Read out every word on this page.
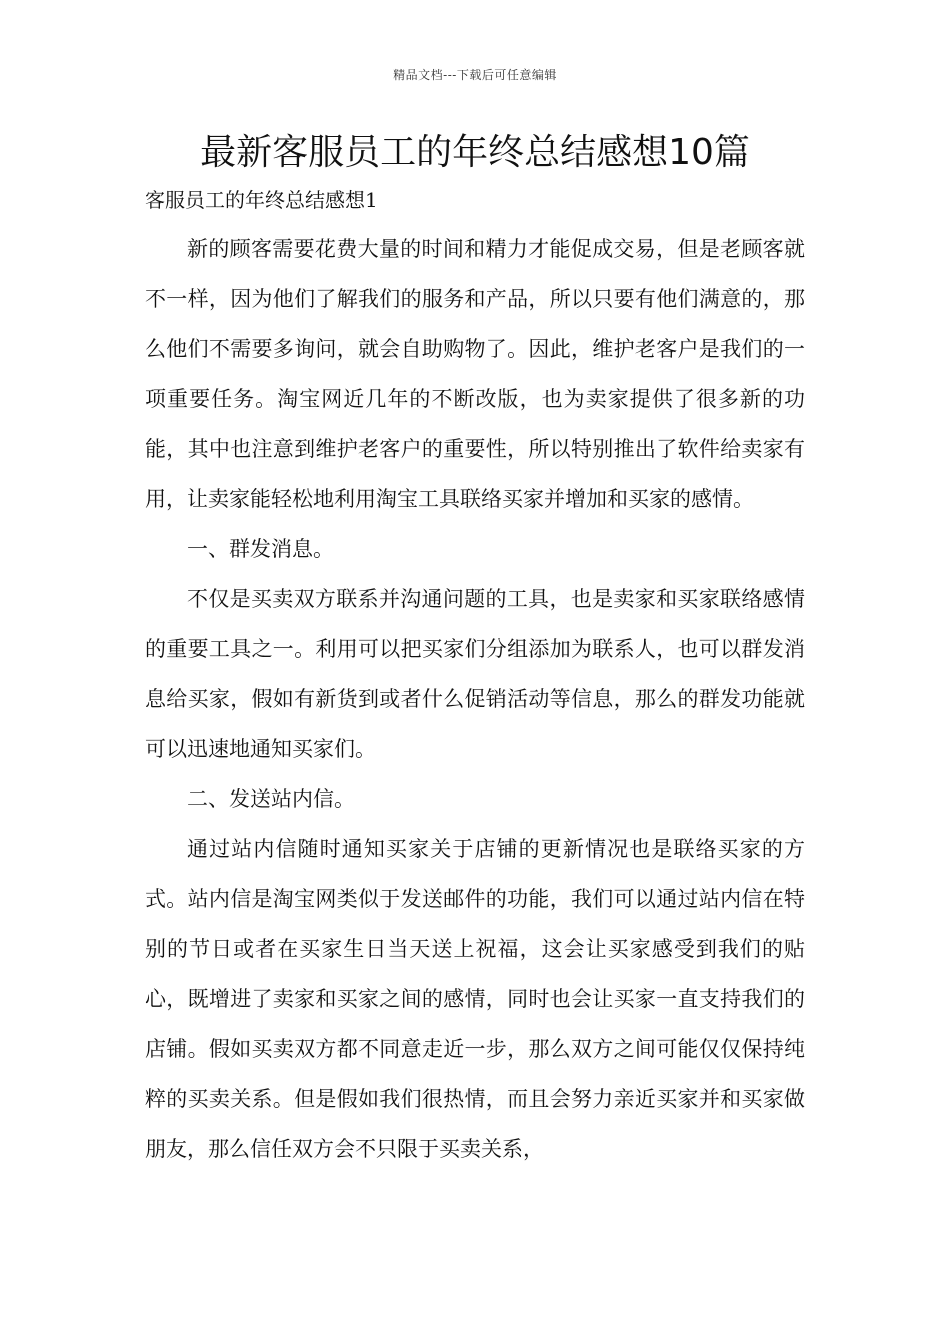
精品文档---下载后可任意编辑
最新客服员工的年终总结感想10篇

客服员工的年终总结感想1

新的顾客需要花费大量的时间和精力才能促成交易，但是老顾客就不一样，因为他们了解我们的服务和产品，所以只要有他们满意的，那么他们不需要多询问，就会自助购物了。因此，维护老客户是我们的一项重要任务。淘宝网近几年的不断改版，也为卖家提供了很多新的功能，其中也注意到维护老客户的重要性，所以特别推出了软件给卖家有用，让卖家能轻松地利用淘宝工具联络买家并增加和买家的感情。

一、群发消息。

不仅是买卖双方联系并沟通问题的工具，也是卖家和买家联络感情的重要工具之一。利用可以把买家们分组添加为联系人，也可以群发消息给买家，假如有新货到或者什么促销活动等信息，那么的群发功能就可以迅速地通知买家们。

二、发送站内信。

通过站内信随时通知买家关于店铺的更新情况也是联络买家的方式。站内信是淘宝网类似于发送邮件的功能，我们可以通过站内信在特别的节日或者在买家生日当天送上祝福，这会让买家感受到我们的贴心，既增进了卖家和买家之间的感情，同时也会让买家一直支持我们的店铺。假如买卖双方都不同意走近一步，那么双方之间可能仅仅保持纯粹的买卖关系。但是假如我们很热情，而且会努力亲近买家并和买家做朋友，那么信任双方会不只限于买卖关系，
